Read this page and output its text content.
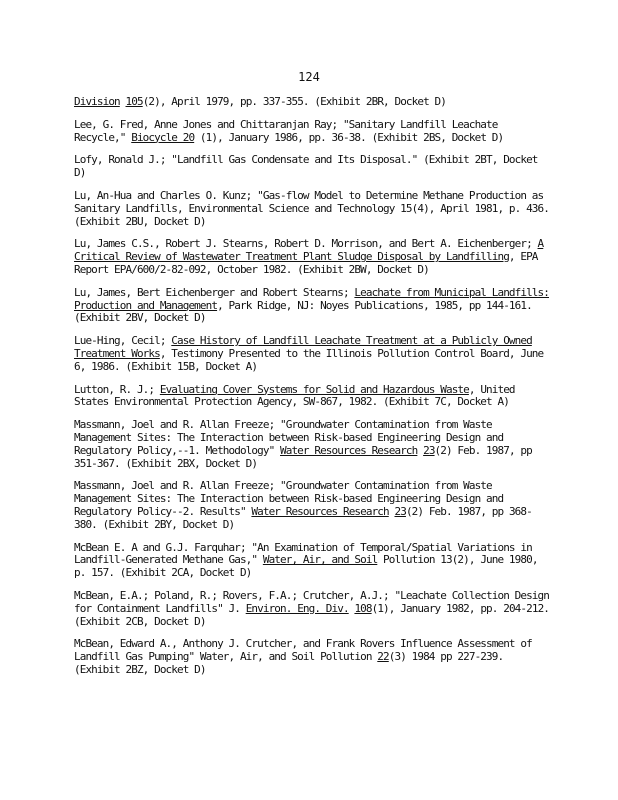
124

Division 105(2), April 1979, pp. 337-355. (Exhibit 2BR, Docket D)

Lee, G. Fred, Anne Jones and Chittaranjan Ray; "Sanitary Landfill Leachate Recycle," Biocycle 20 (1), January 1986, pp. 36-38. (Exhibit 2BS, Docket D)

Lofy, Ronald J.; "Landfill Gas Condensate and Its Disposal." (Exhibit 2BT, Docket D)

Lu, An-Hua and Charles O. Kunz; "Gas-flow Model to Determine Methane Production as Sanitary Landfills, Environmental Science and Technology 15(4), April 1981, p. 436. (Exhibit 2BU, Docket D)

Lu, James C.S., Robert J. Stearns, Robert D. Morrison, and Bert A. Eichenberger; A Critical Review of Wastewater Treatment Plant Sludge Disposal by Landfilling, EPA Report EPA/600/2-82-092, October 1982. (Exhibit 2BW, Docket D)

Lu, James, Bert Eichenberger and Robert Stearns; Leachate from Municipal Landfills: Production and Management, Park Ridge, NJ: Noyes Publications, 1985, pp 144-161. (Exhibit 2BV, Docket D)

Lue-Hing, Cecil; Case History of Landfill Leachate Treatment at a Publicly Owned Treatment Works, Testimony Presented to the Illinois Pollution Control Board, June 6, 1986. (Exhibit 15B, Docket A)

Lutton, R. J.; Evaluating Cover Systems for Solid and Hazardous Waste, United States Environmental Protection Agency, SW-867, 1982. (Exhibit 7C, Docket A)

Massmann, Joel and R. Allan Freeze; "Groundwater Contamination from Waste Management Sites: The Interaction between Risk-based Engineering Design and Regulatory Policy,--1. Methodology" Water Resources Research 23(2) Feb. 1987, pp 351-367. (Exhibit 2BX, Docket D)

Massmann, Joel and R. Allan Freeze; "Groundwater Contamination from Waste Management Sites: The Interaction between Risk-based Engineering Design and Regulatory Policy--2. Results" Water Resources Research 23(2) Feb. 1987, pp 368-380. (Exhibit 2BY, Docket D)

McBean E. A and G.J. Farquhar; "An Examination of Temporal/Spatial Variations in Landfill-Generated Methane Gas," Water, Air, and Soil Pollution 13(2), June 1980, p. 157. (Exhibit 2CA, Docket D)

McBean, E.A.; Poland, R.; Rovers, F.A.; Crutcher, A.J.; "Leachate Collection Design for Containment Landfills" J. Environ. Eng. Div. 108(1), January 1982, pp. 204-212. (Exhibit 2CB, Docket D)

McBean, Edward A., Anthony J. Crutcher, and Frank Rovers Influence Assessment of Landfill Gas Pumping" Water, Air, and Soil Pollution 22(3) 1984 pp 227-239. (Exhibit 2BZ, Docket D)
